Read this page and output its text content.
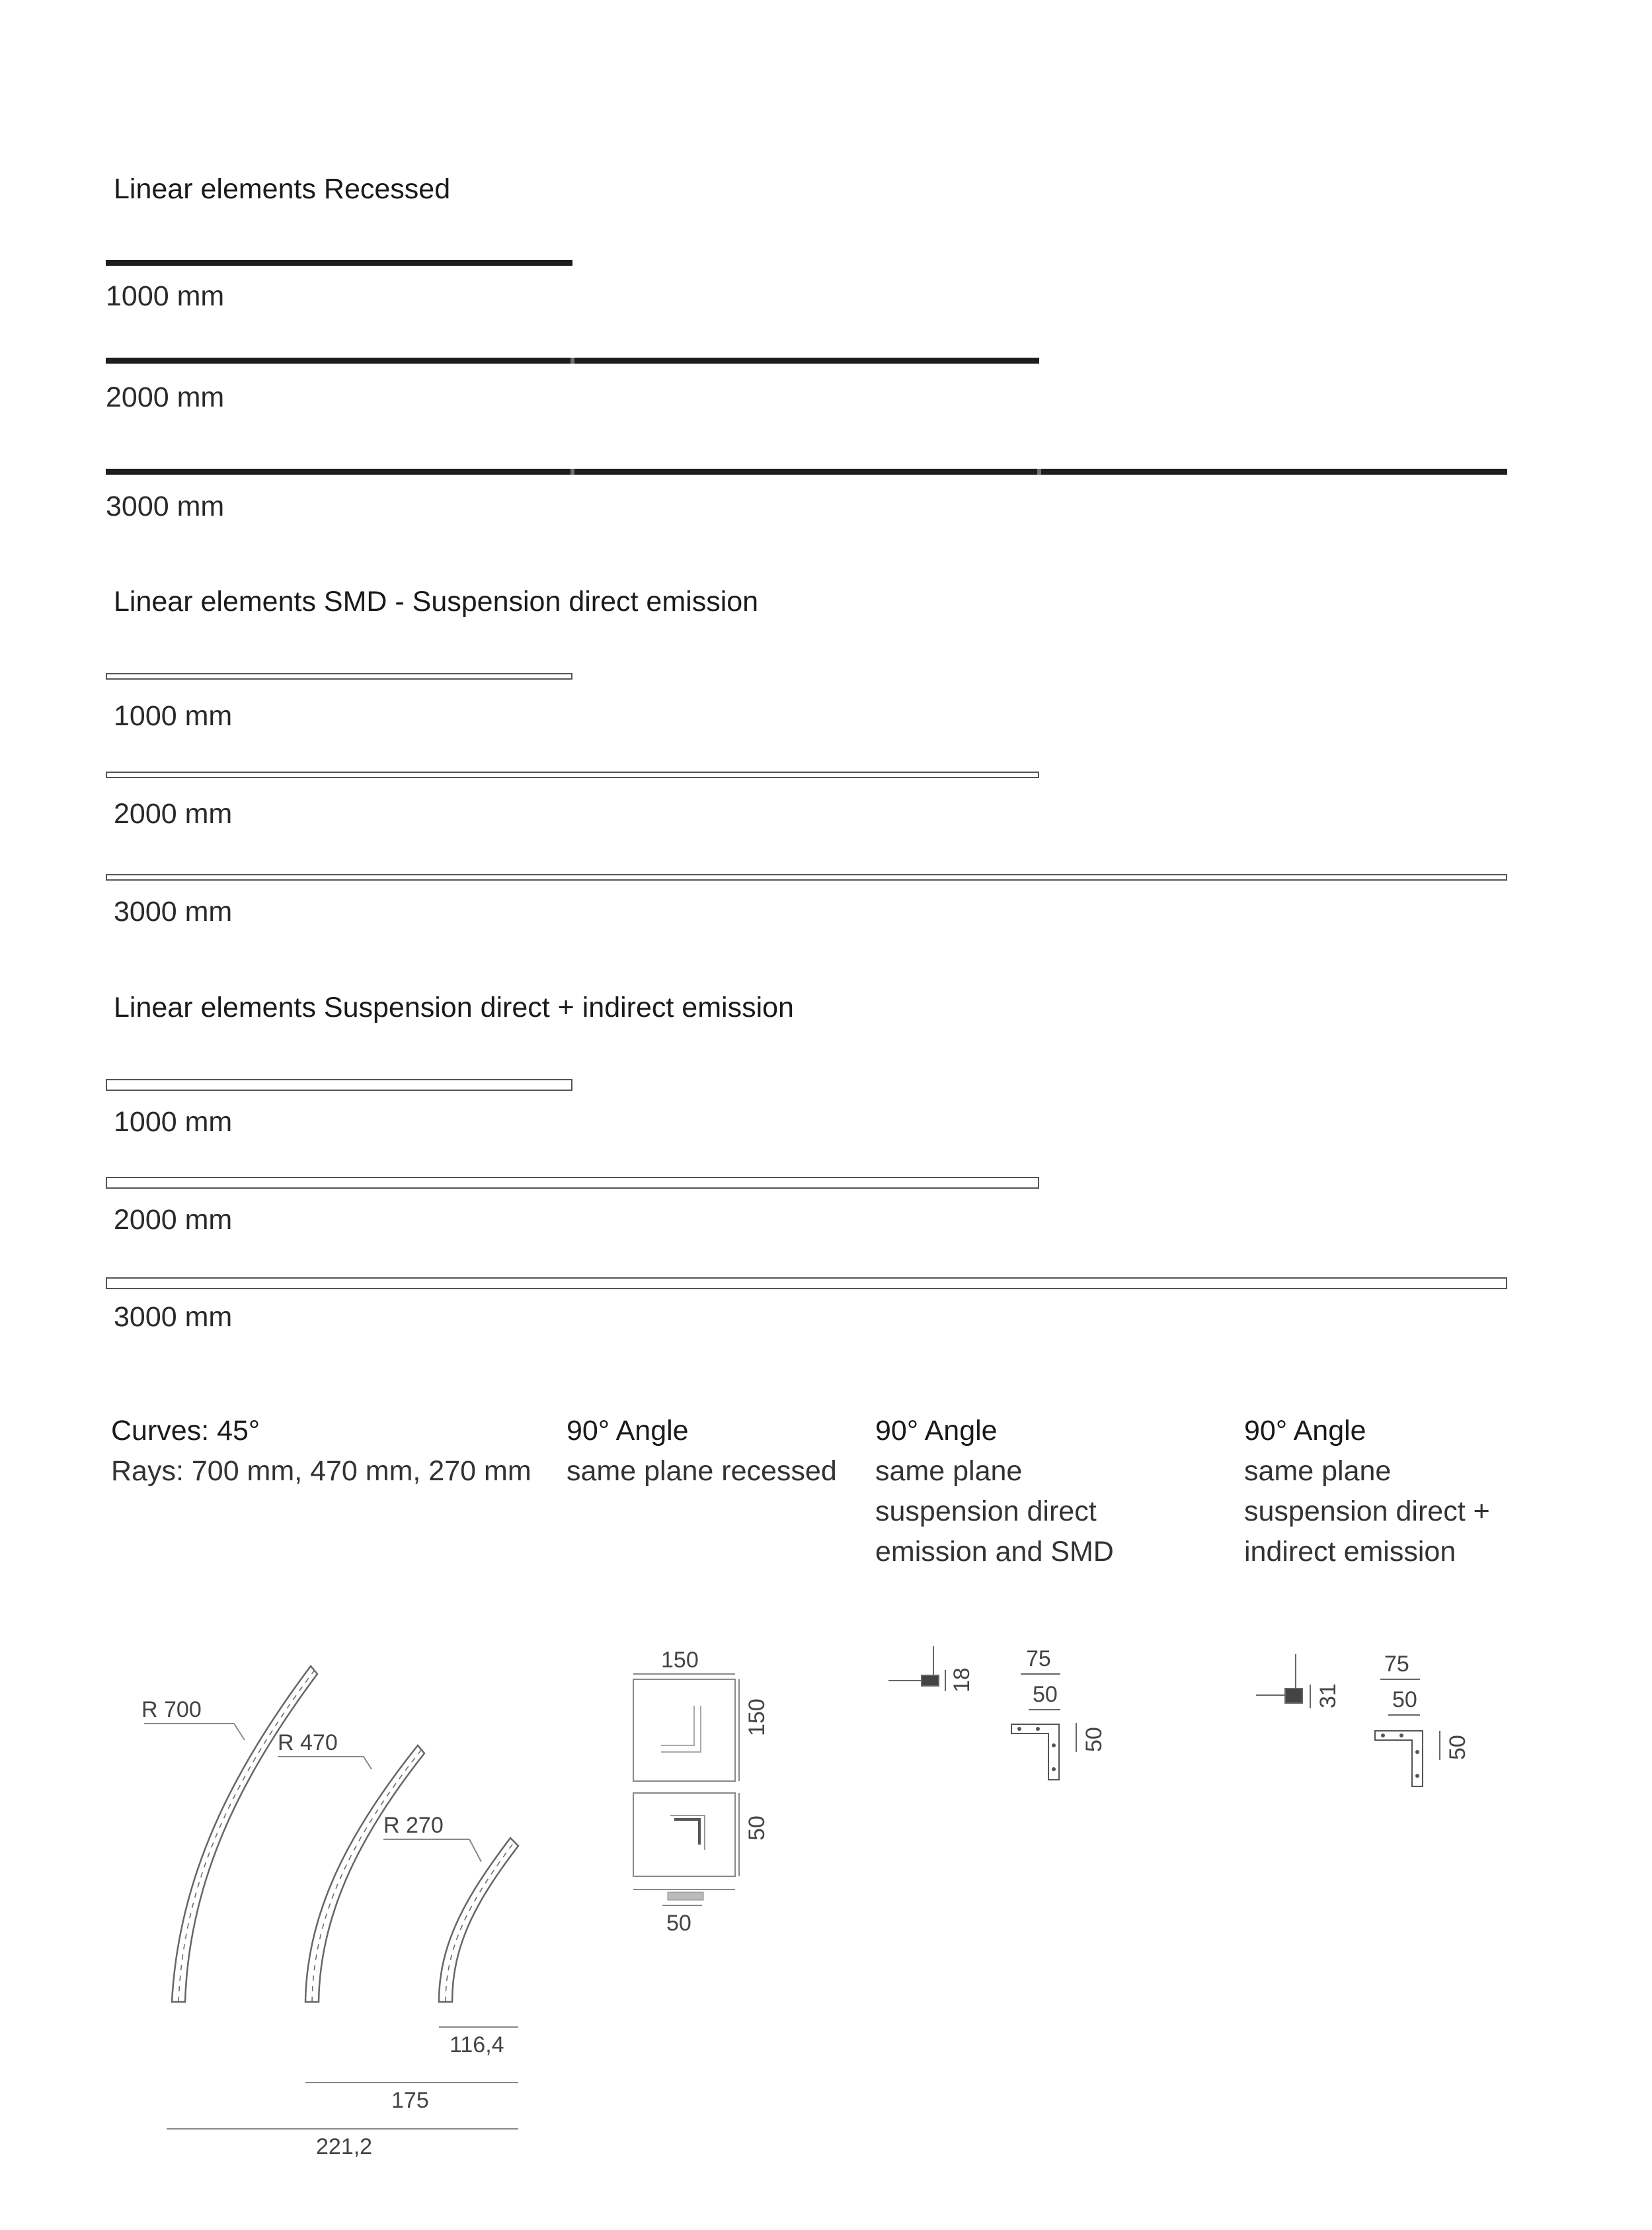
Linear elements Recessed
1000 mm
2000 mm
3000 mm
Linear elements SMD - Suspension direct emission
1000 mm
2000 mm
3000 mm
Linear elements Suspension direct + indirect emission
1000 mm
2000 mm
3000 mm
Curves: 45°
Rays: 700 mm, 470 mm, 270 mm
90° Angle
same plane recessed
90° Angle
same plane
suspension direct
emission and SMD
90° Angle
same plane
suspension direct +
indirect emission
R 700
R 470
R 270
116,4
175
221,2
150
150
50
50
18
75
50
50
31
75
50
50
